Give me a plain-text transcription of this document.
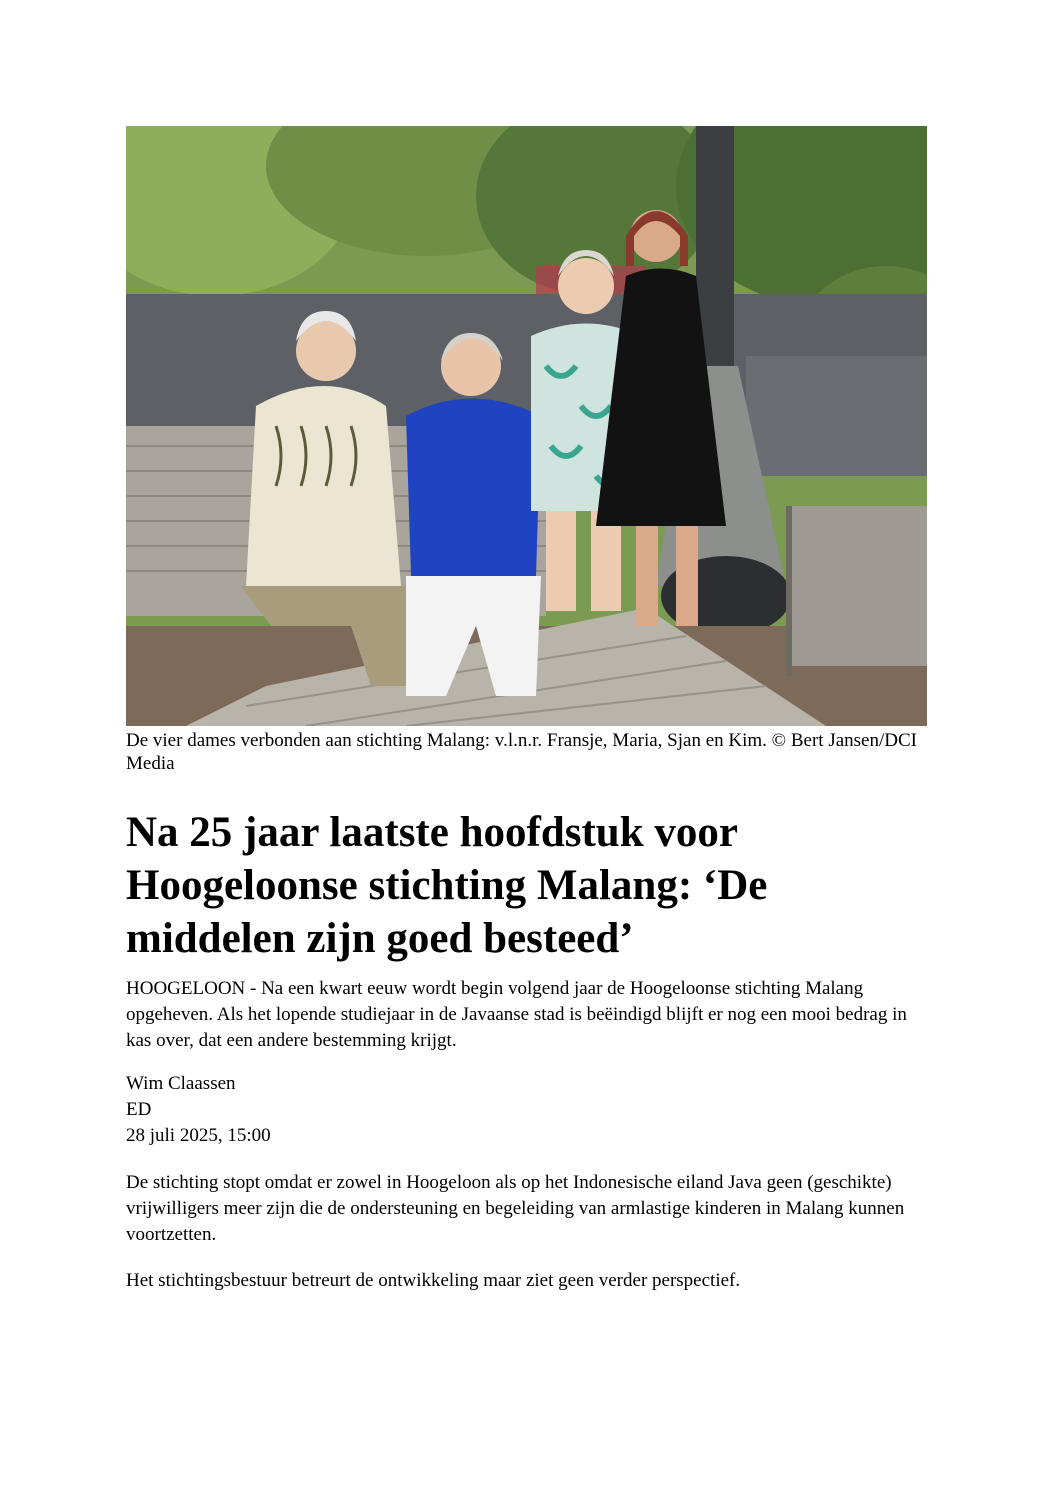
De vier dames verbonden aan stichting Malang: v.l.n.r. Fransje, Maria, Sjan en Kim. © Bert Jansen/DCI Media
Na 25 jaar laatste hoofdstuk voor Hoogeloonse stichting Malang: ‘De middelen zijn goed besteed’

HOOGELOON - Na een kwart eeuw wordt begin volgend jaar de Hoogeloonse stichting Malang opgeheven. Als het lopende studiejaar in de Javaanse stad is beëindigd blijft er nog een mooi bedrag in kas over, dat een andere bestemming krijgt.

Wim Claassen
ED
28 juli 2025, 15:00

De stichting stopt omdat er zowel in Hoogeloon als op het Indonesische eiland Java geen (geschikte) vrijwilligers meer zijn die de ondersteuning en begeleiding van armlastige kinderen in Malang kunnen voortzetten.

Het stichtingsbestuur betreurt de ontwikkeling maar ziet geen verder perspectief.
